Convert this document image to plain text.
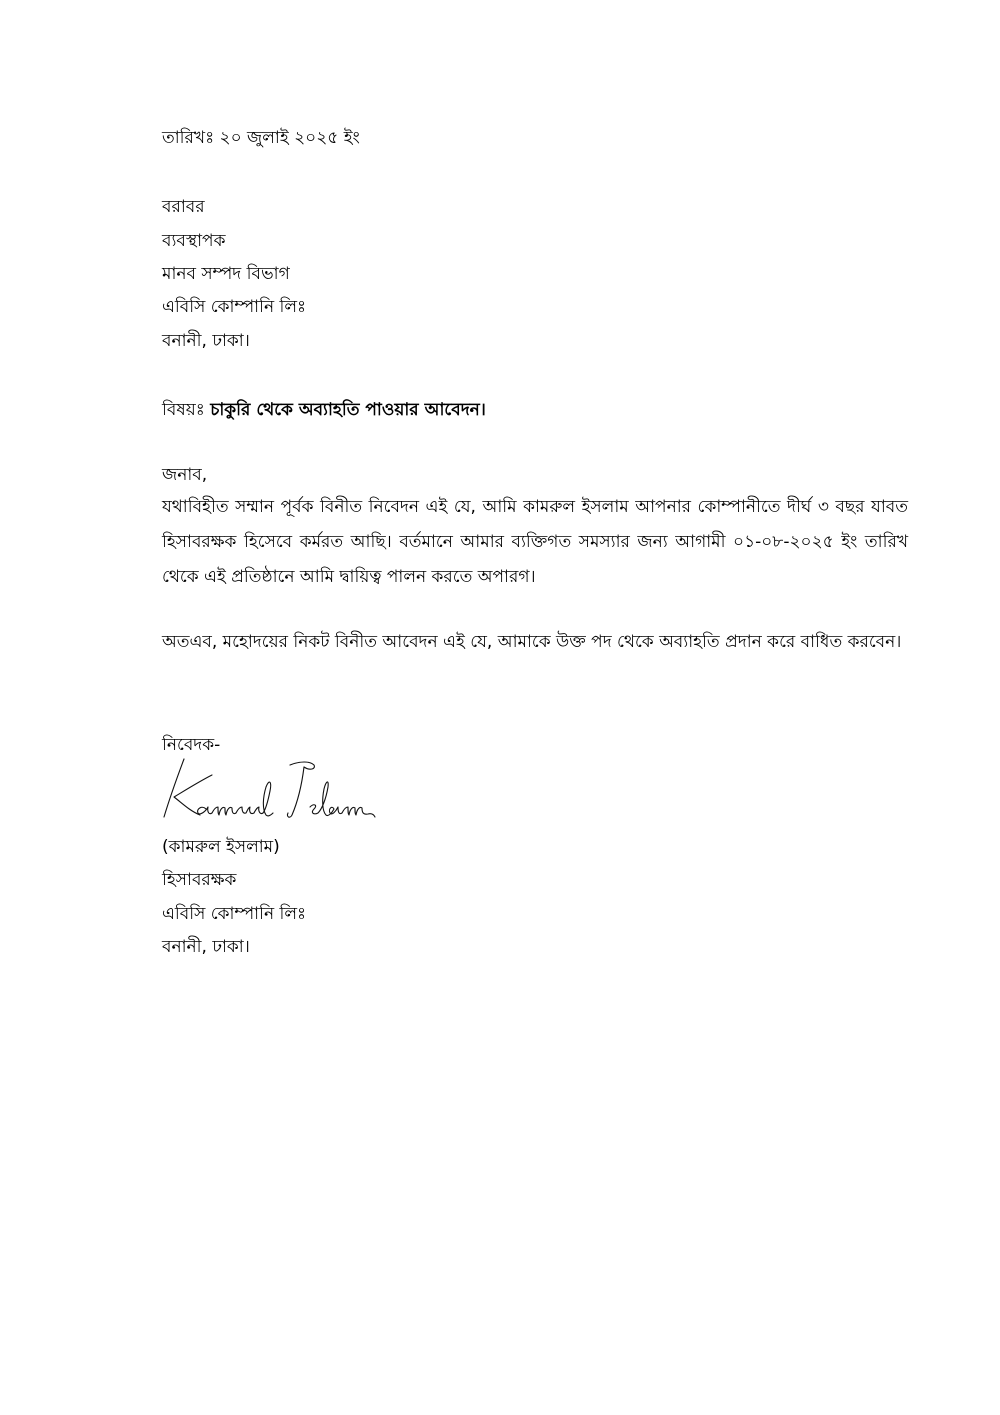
তারিখঃ ২০ জুলাই ২০২৫ ইং
বরাবর
ব্যবস্থাপক
মানব সম্পদ বিভাগ
এবিসি কোম্পানি লিঃ
বনানী, ঢাকা।
বিষয়ঃ চাকুরি থেকে অব্যাহতি পাওয়ার আবেদন।
জনাব,
যথাবিহীত সম্মান পূর্বক বিনীত নিবেদন এই যে, আমি কামরুল ইসলাম আপনার কোম্পানীতে দীর্ঘ ৩ বছর যাবত হিসাবরক্ষক হিসেবে কর্মরত আছি। বর্তমানে আমার ব্যক্তিগত সমস্যার জন্য আগামী ০১-০৮-২০২৫ ইং তারিখ থেকে এই প্রতিষ্ঠানে আমি দ্বায়িত্ব পালন করতে অপারগ।
অতএব, মহোদয়ের নিকট বিনীত আবেদন এই যে, আমাকে উক্ত পদ থেকে অব্যাহতি প্রদান করে বাধিত করবেন।
নিবেদক-
(কামরুল ইসলাম)
হিসাবরক্ষক
এবিসি কোম্পানি লিঃ
বনানী, ঢাকা।
